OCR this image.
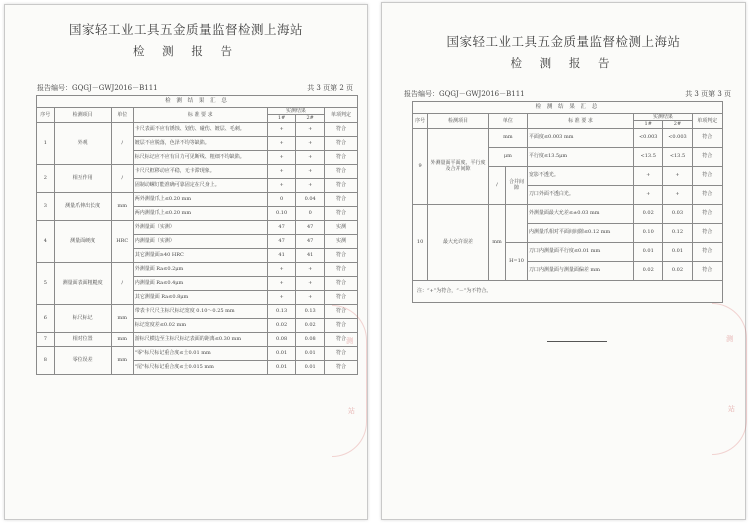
国家轻工业工具五金质量监督检测上海站
检 测 报 告
报告编号：GQGJ－GWJ2016－B111	共 3 页第 2 页
检 测 结 果 汇 总						
序号	检测项目	单位	标 准 要 求	实测结果		单项判定
				1#	2#	
1	外观	/	卡尺表面不应有锈蚀、划伤、碰伤、镀层、毛刺。	+	+	符合
			镀层不应脱落，色泽不均等缺陷。	+	+	符合
			标尺标记应不应有目力可见断线、粗细不均缺陷。	+	+	符合
2	相互作用	/	卡尺尺框移动应平稳，无卡滞现象。	+	+	符合
			固制动螺钉能准确可靠固定在尺身上。	+	+	符合
3	测量爪伸出长度	mm	两外测量爪上≤0.20 mm	0	0.04	符合
			两内测量爪上≤0.20 mm	0.10	0	符合
4	测量面硬度	HRC	外测量面（实测）	47	47	实测
			内测量面（实测）	47	47	实测
			其它测量面≥40 HRC	41	41	符合
5	测量面表面粗糙度	/	外测量面 Ra≤0.2μm	+	+	符合
			内测量面 Ra≤0.4μm	+	+	符合
			其它测量面 Ra≤0.8μm	+	+	符合
6	标尺标记	mm	带表卡尺尺主标尺标记宽度 0.10～0.25 mm	0.13	0.13	符合
			标记宽度差≤0.02 mm	0.02	0.02	符合
7	相对位置	mm	游标尺横边至主标尺标记表面的距离≤0.30 mm	0.08	0.08	符合
8	零位误差	mm	"零"标尺标记重合度≤士0.01 mm	0.01	0.01	符合
			"尾"标尺标记重合度≤士0.015 mm	0.01	0.01	符合
测
站
国家轻工业工具五金质量监督检测上海站
检 测 报 告
报告编号：GQGJ－GWJ2016－B111	共 3 页第 3 页
检 测 结 果 汇 总							
序号	检测项目	单位		标 准 要 求	实测结果		单项判定
					1#	2#	
9	外测量面平面度、平行度及合并间隙	mm		平面度≤0.003 mm	<0.003	<0.003	符合
		μm		平行度≤13.5μm	<13.5	<13.5	符合
		/	合并间隙	宽影不透光。	+	+	符合
				刀口外面不透白光。	+	+	符合
10	最大允许误差	mm		外测量面最大允差≤±0.03 mm	0.02	0.03	符合
				内测量爪相对平面间间隙≤0.12 mm	0.10	0.12	符合
			H=10	刀口内测量面平行度≤0.01 mm	0.01	0.01	符合
				刀口内测量面与测量面偏差 mm	0.02	0.02	符合
注：“+”为符合，“－”为不符合。							
测
站
